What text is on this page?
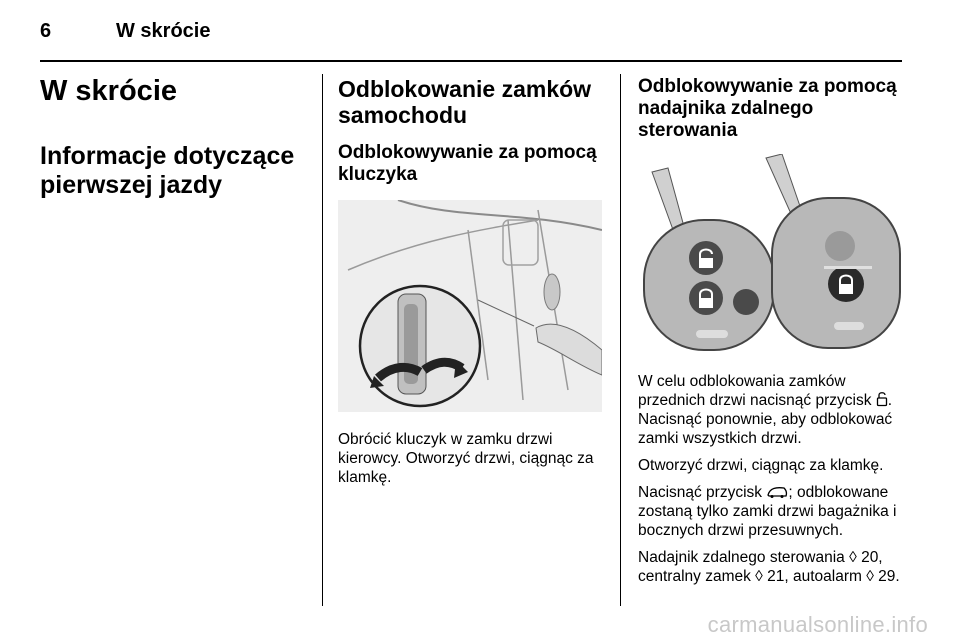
6	W skrócie
W skrócie
Informacje dotyczące pierwszej jazdy
Odblokowanie zamków samochodu
Odblokowywanie za pomocą kluczyka

Obrócić kluczyk w zamku drzwi kierowcy. Otworzyć drzwi, ciągnąc za klamkę.

Odblokowywanie za pomocą nadajnika zdalnego sterowania

W celu odblokowania zamków przednich drzwi nacisnąć przycisk . Nacisnąć ponownie, aby odblokować zamki wszystkich drzwi.

Otworzyć drzwi, ciągnąc za klamkę.

Nacisnąć przycisk ; odblokowane zostaną tylko zamki drzwi bagażnika i bocznych drzwi przesuwnych.

Nadajnik zdalnego sterowania ◊ 20, centralny zamek ◊ 21, autoalarm ◊ 29.

carmanualsonline.info
